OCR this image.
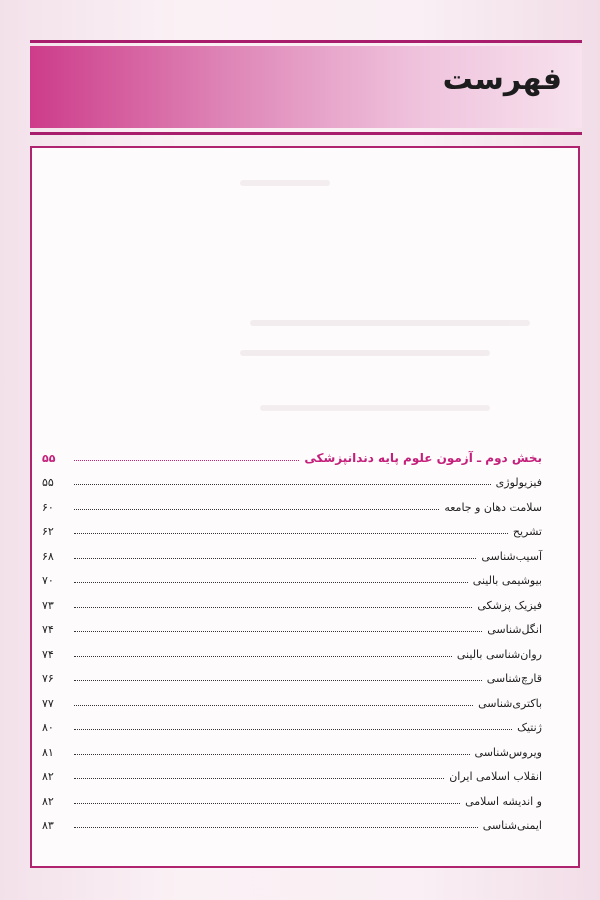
فهرست
بخش دوم ـ آزمون علوم پایه دندانپزشکی
۵۵
فیزیولوژی
۵۵
سلامت دهان و جامعه
۶۰
تشریح
۶۲
آسیب‌شناسی
۶۸
بیوشیمی بالینی
۷۰
فیزیک پزشکی
۷۳
انگل‌شناسی
۷۴
روان‌شناسی بالینی
۷۴
قارچ‌شناسی
۷۶
باکتری‌شناسی
۷۷
ژنتیک
۸۰
ویروس‌شناسی
۸۱
انقلاب اسلامی ایران
۸۲
و اندیشه اسلامی
۸۲
ایمنی‌شناسی
۸۳
